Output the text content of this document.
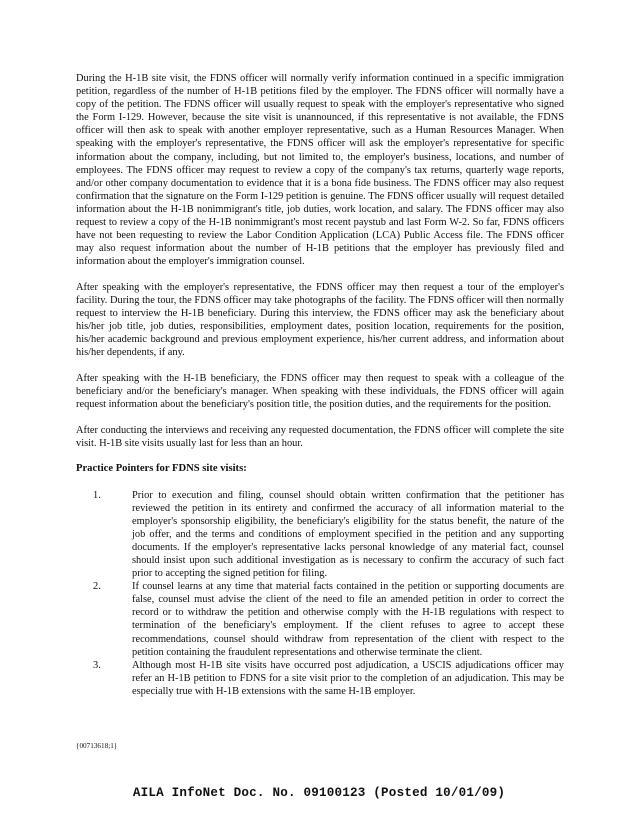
During the H-1B site visit, the FDNS officer will normally verify information continued in a specific immigration petition, regardless of the number of H-1B petitions filed by the employer. The FDNS officer will normally have a copy of the petition. The FDNS officer will usually request to speak with the employer's representative who signed the Form I-129. However, because the site visit is unannounced, if this representative is not available, the FDNS officer will then ask to speak with another employer representative, such as a Human Resources Manager. When speaking with the employer's representative, the FDNS officer will ask the employer's representative for specific information about the company, including, but not limited to, the employer's business, locations, and number of employees. The FDNS officer may request to review a copy of the company's tax returns, quarterly wage reports, and/or other company documentation to evidence that it is a bona fide business. The FDNS officer may also request confirmation that the signature on the Form I-129 petition is genuine. The FDNS officer usually will request detailed information about the H-1B nonimmigrant's title, job duties, work location, and salary. The FDNS officer may also request to review a copy of the H-1B nonimmigrant's most recent paystub and last Form W-2. So far, FDNS officers have not been requesting to review the Labor Condition Application (LCA) Public Access file. The FDNS officer may also request information about the number of H-1B petitions that the employer has previously filed and information about the employer's immigration counsel.

After speaking with the employer's representative, the FDNS officer may then request a tour of the employer's facility. During the tour, the FDNS officer may take photographs of the facility. The FDNS officer will then normally request to interview the H-1B beneficiary. During this interview, the FDNS officer may ask the beneficiary about his/her job title, job duties, responsibilities, employment dates, position location, requirements for the position, his/her academic background and previous employment experience, his/her current address, and information about his/her dependents, if any.

After speaking with the H-1B beneficiary, the FDNS officer may then request to speak with a colleague of the beneficiary and/or the beneficiary's manager. When speaking with these individuals, the FDNS officer will again request information about the beneficiary's position title, the position duties, and the requirements for the position.

After conducting the interviews and receiving any requested documentation, the FDNS officer will complete the site visit. H-1B site visits usually last for less than an hour.

Practice Pointers for FDNS site visits:

1.	Prior to execution and filing, counsel should obtain written confirmation that the petitioner has reviewed the petition in its entirety and confirmed the accuracy of all information material to the employer's sponsorship eligibility, the beneficiary's eligibility for the status benefit, the nature of the job offer, and the terms and conditions of employment specified in the petition and any supporting documents. If the employer's representative lacks personal knowledge of any material fact, counsel should insist upon such additional investigation as is necessary to confirm the accuracy of such fact prior to accepting the signed petition for filing.
2.	If counsel learns at any time that material facts contained in the petition or supporting documents are false, counsel must advise the client of the need to file an amended petition in order to correct the record or to withdraw the petition and otherwise comply with the H-1B regulations with respect to termination of the beneficiary's employment. If the client refuses to agree to accept these recommendations, counsel should withdraw from representation of the client with respect to the petition containing the fraudulent representations and otherwise terminate the client.
3.	Although most H-1B site visits have occurred post adjudication, a USCIS adjudications officer may refer an H-1B petition to FDNS for a site visit prior to the completion of an adjudication. This may be especially true with H-1B extensions with the same H-1B employer.
{00713618;1}
AILA InfoNet Doc. No. 09100123 (Posted 10/01/09)
